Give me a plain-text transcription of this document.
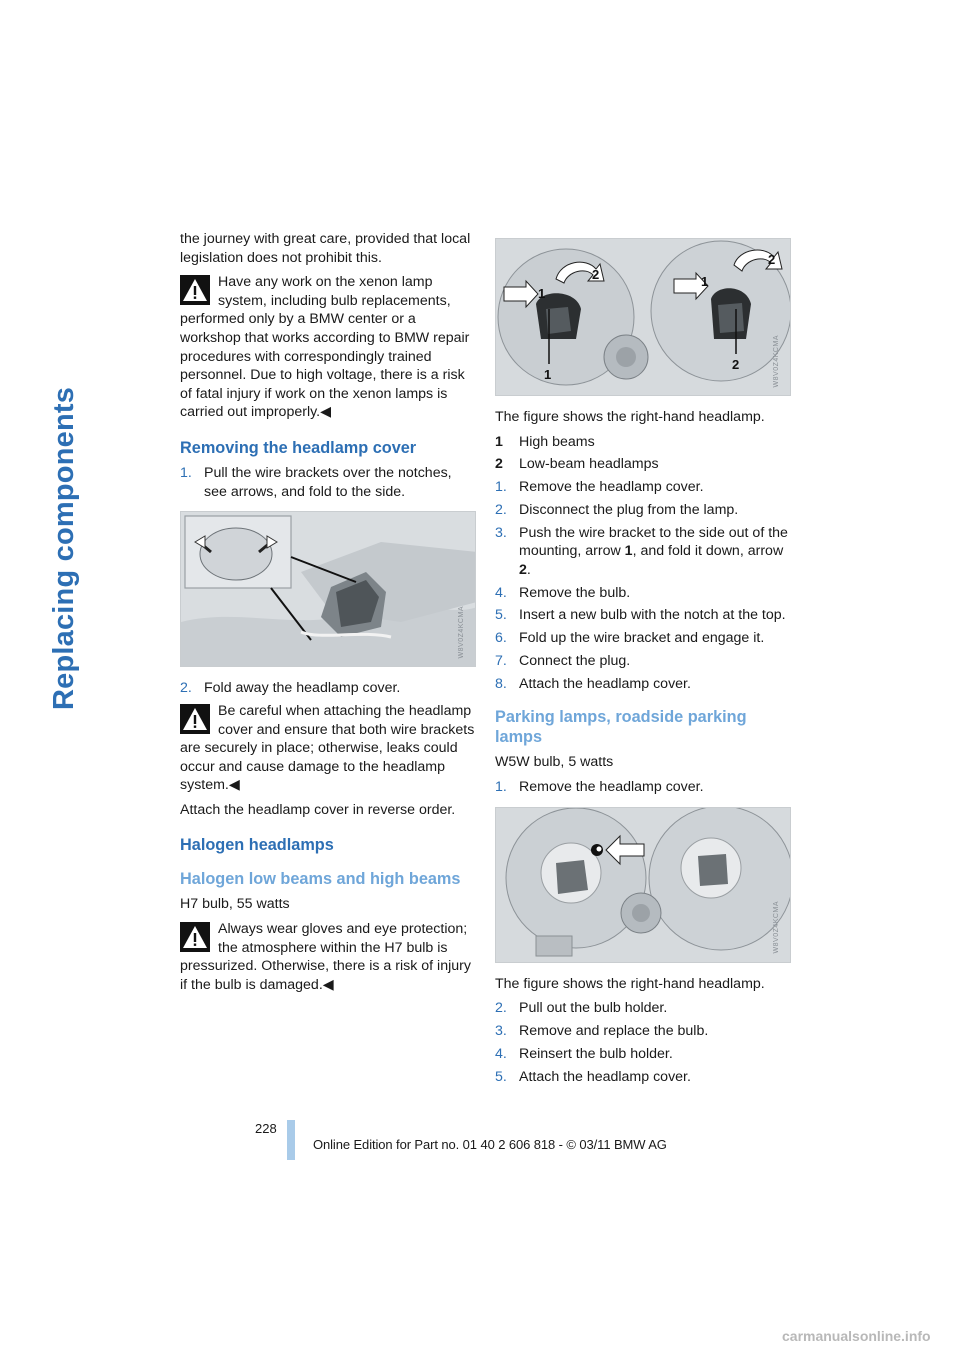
Replacing components

the journey with great care, provided that local legislation does not prohibit this.

Have any work on the xenon lamp system, including bulb replacements, performed only by a BMW center or a workshop that works according to BMW repair procedures with correspondingly trained personnel. Due to high voltage, there is a risk of fatal injury if work on the xenon lamps is carried out improperly.◀
Removing the headlamp cover
1. Pull the wire brackets over the notches, see arrows, and fold to the side.
W8V0Z4KCMA
2. Fold away the headlamp cover.
Be careful when attaching the headlamp cover and ensure that both wire brackets are securely in place; otherwise, leaks could occur and cause damage to the headlamp system.◀

Attach the headlamp cover in reverse order.

Halogen headlamps
Halogen low beams and high beams

H7 bulb, 55 watts

Always wear gloves and eye protection; the atmosphere within the H7 bulb is pressurized. Otherwise, there is a risk of injury if the bulb is damaged.◀
1
2
1
1
2
2	W8V0Z4KCMA

The figure shows the right-hand headlamp.

1 High beams
2 Low-beam headlamps
1. Remove the headlamp cover.
2. Disconnect the plug from the lamp.
3. Push the wire bracket to the side out of the mounting, arrow 1, and fold it down, arrow 2.
4. Remove the bulb.
5. Insert a new bulb with the notch at the top.
6. Fold up the wire bracket and engage it.
7. Connect the plug.
8. Attach the headlamp cover.
Parking lamps, roadside parking lamps

W5W bulb, 5 watts

1. Remove the headlamp cover.
W8V0Z4KCMA

The figure shows the right-hand headlamp.

2. Pull out the bulb holder.
3. Remove and replace the bulb.
4. Reinsert the bulb holder.
5. Attach the headlamp cover.
228
Online Edition for Part no. 01 40 2 606 818 - © 03/11 BMW AG
carmanualsonline.info
